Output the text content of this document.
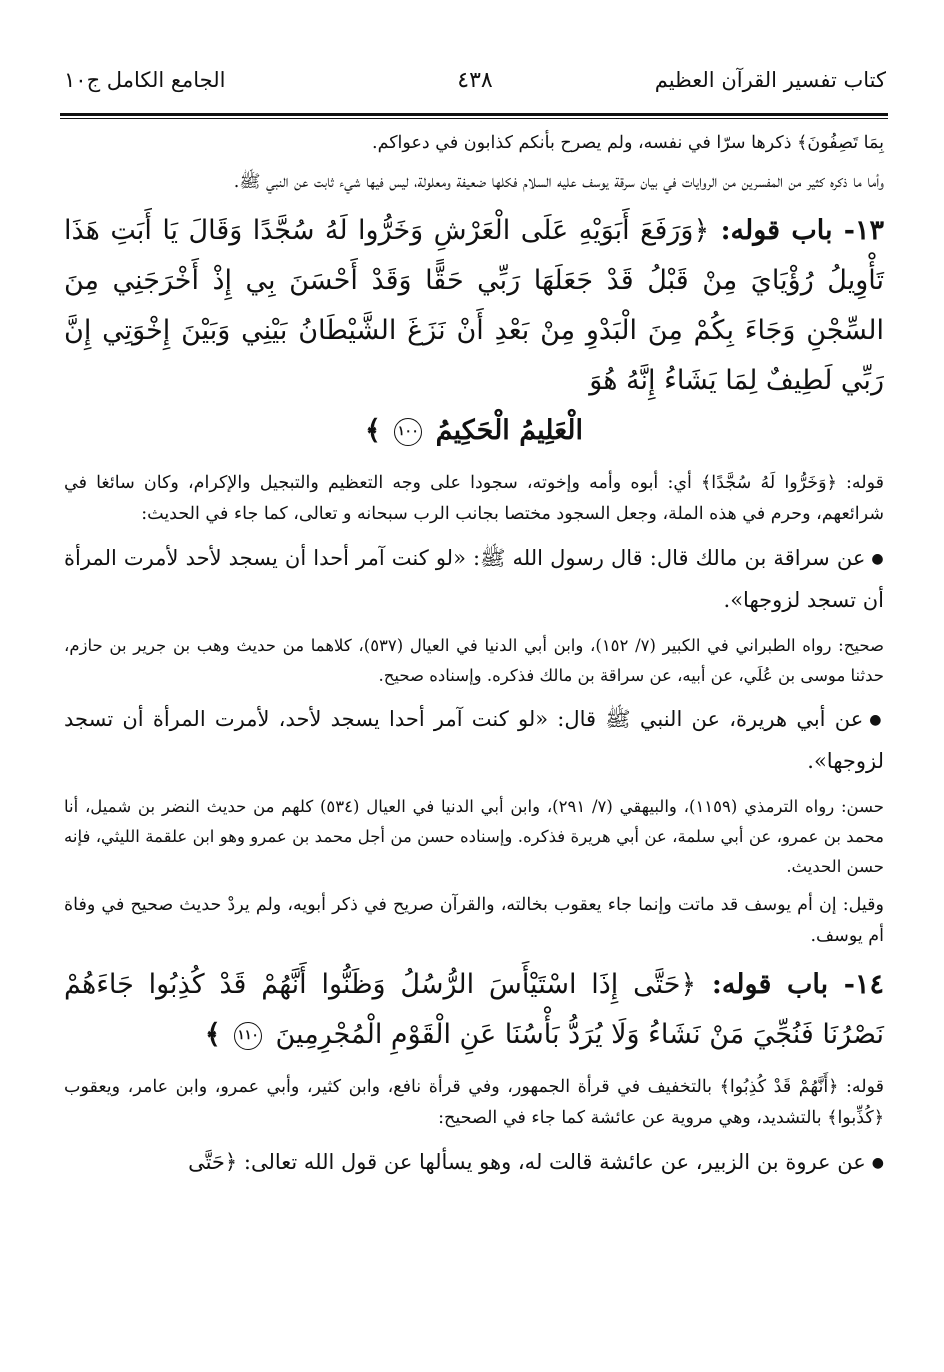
كتاب تفسير القرآن العظيم
٤٣٨
الجامع الكامل ج١٠

بِمَا تَصِفُونَ﴾ ذكرها سرّا في نفسه، ولم يصرح بأنكم كذابون في دعواكم.

وأما ما ذكره كثير من المفسرين من الروايات في بيان سرقة يوسف عليه السلام فكلها ضعيفة ومعلولة، ليس فيها شيء ثابت عن النبي ﷺ.

١٣- باب قوله: ﴿وَرَفَعَ أَبَوَيْهِ عَلَى الْعَرْشِ وَخَرُّوا لَهُ سُجَّدًا وَقَالَ يَا أَبَتِ هَذَا تَأْوِيلُ رُؤْيَايَ مِنْ قَبْلُ قَدْ جَعَلَهَا رَبِّي حَقًّا وَقَدْ أَحْسَنَ بِي إِذْ أَخْرَجَنِي مِنَ السِّجْنِ وَجَاءَ بِكُمْ مِنَ الْبَدْوِ مِنْ بَعْدِ أَنْ نَزَغَ الشَّيْطَانُ بَيْنِي وَبَيْنَ إِخْوَتِي إِنَّ رَبِّي لَطِيفٌ لِمَا يَشَاءُ إِنَّهُ هُوَ
الْعَلِيمُ الْحَكِيمُ ١٠٠ ﴾

قوله: ﴿وَخَرُّوا لَهُ سُجَّدًا﴾ أي: أبوه وأمه وإخوته، سجودا على وجه التعظيم والتبجيل والإكرام، وكان سائغا في شرائعهم، وحرم في هذه الملة، وجعل السجود مختصا بجانب الرب سبحانه و تعالى، كما جاء في الحديث:

●عن سراقة بن مالك قال: قال رسول الله ﷺ: «لو كنت آمر أحدا أن يسجد لأحد لأمرت المرأة أن تسجد لزوجها».

صحيح: رواه الطبراني في الكبير (٧/ ١٥٢)، وابن أبي الدنيا في العيال (٥٣٧)، كلاهما من حديث وهب بن جرير بن حازم، حدثنا موسى بن عُلَي، عن أبيه، عن سراقة بن مالك فذكره. وإسناده صحيح.

●عن أبي هريرة، عن النبي ﷺ قال: «لو كنت آمر أحدا يسجد لأحد، لأمرت المرأة أن تسجد لزوجها».

حسن: رواه الترمذي (١١٥٩)، والبيهقي (٧/ ٢٩١)، وابن أبي الدنيا في العيال (٥٣٤) كلهم من حديث النضر بن شميل، أنا محمد بن عمرو، عن أبي سلمة، عن أبي هريرة فذكره. وإسناده حسن من أجل محمد بن عمرو وهو ابن علقمة الليثي، فإنه حسن الحديث.

وقيل: إن أم يوسف قد ماتت وإنما جاء يعقوب بخالته، والقرآن صريح في ذكر أبويه، ولم يردْ حديث صحيح في وفاة أم يوسف.

١٤- باب قوله: ﴿حَتَّى إِذَا اسْتَيْأَسَ الرُّسُلُ وَظَنُّوا أَنَّهُمْ قَدْ كُذِبُوا جَاءَهُمْ نَصْرُنَا فَنُجِّيَ مَنْ نَشَاءُ وَلَا يُرَدُّ بَأْسُنَا عَنِ الْقَوْمِ الْمُجْرِمِينَ ١١٠ ﴾

قوله: ﴿أَنَّهُمْ قَدْ كُذِبُوا﴾ بالتخفيف في قرأة الجمهور، وفي قرأة نافع، وابن كثير، وأبي عمرو، وابن عامر، ويعقوب ﴿كُذِّبوا﴾ بالتشديد، وهي مروية عن عائشة كما جاء في الصحيح:

●عن عروة بن الزبير، عن عائشة قالت له، وهو يسألها عن قول الله تعالى: ﴿حَتَّى
